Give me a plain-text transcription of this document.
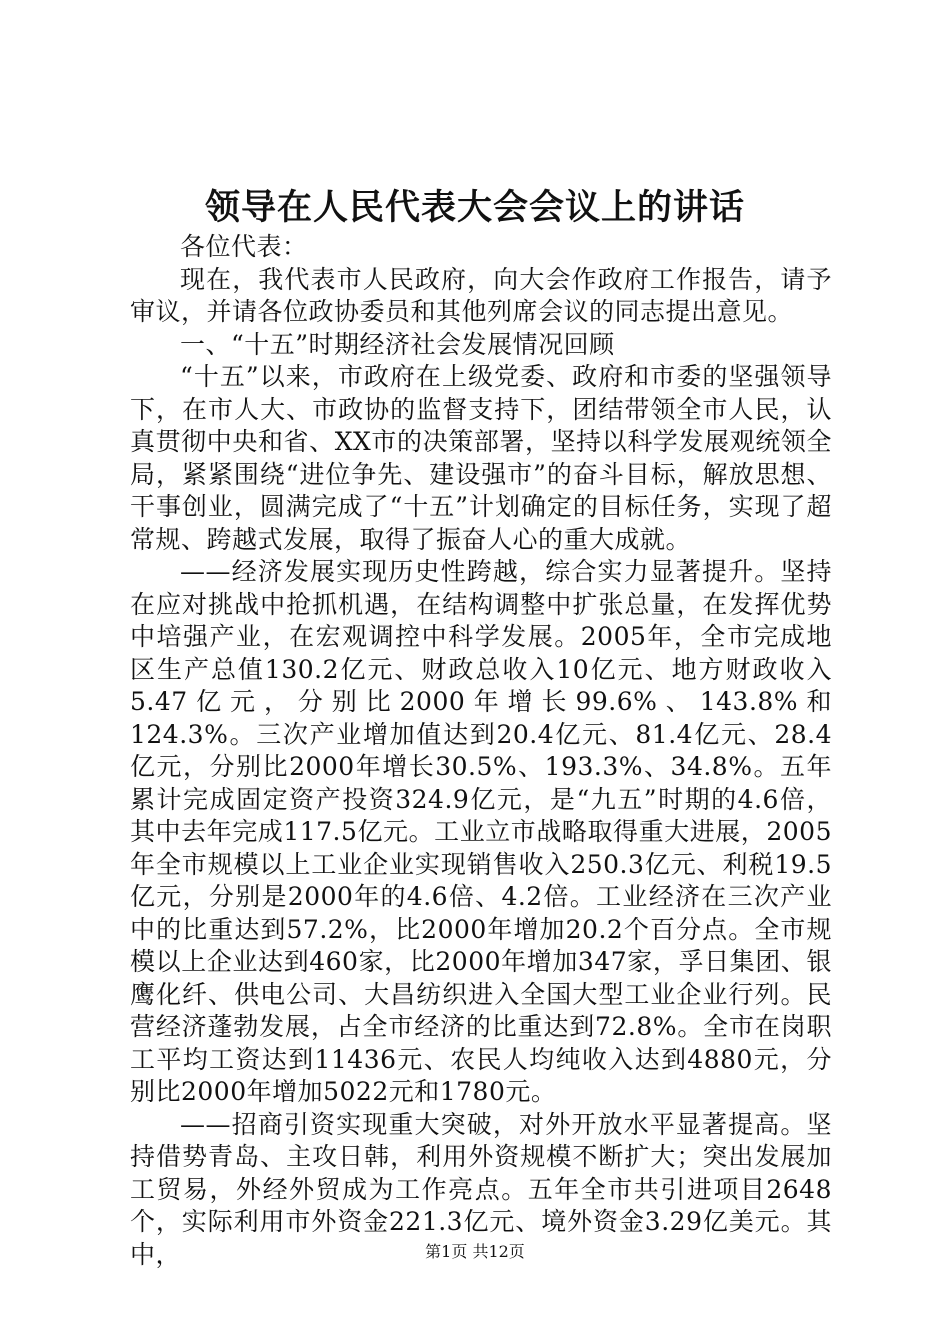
领导在人民代表大会会议上的讲话

各位代表：

现在，我代表市人民政府，向大会作政府工作报告，请予审议，并请各位政协委员和其他列席会议的同志提出意见。

一、“十五”时期经济社会发展情况回顾

“十五”以来，市政府在上级党委、政府和市委的坚强领导下，在市人大、市政协的监督支持下，团结带领全市人民，认真贯彻中央和省、XX市的决策部署，坚持以科学发展观统领全局，紧紧围绕“进位争先、建设强市”的奋斗目标，解放思想、干事创业，圆满完成了“十五”计划确定的目标任务，实现了超常规、跨越式发展，取得了振奋人心的重大成就。

——经济发展实现历史性跨越，综合实力显著提升。坚持在应对挑战中抢抓机遇，在结构调整中扩张总量，在发挥优势中培强产业，在宏观调控中科学发展。2005年，全市完成地区生产总值130.2亿元、财政总收入10亿元、地方财政收入5.47亿元，分别比2000年增长99.6%、143.8%和124.3%。三次产业增加值达到20.4亿元、81.4亿元、28.4亿元，分别比2000年增长30.5%、193.3%、34.8%。五年累计完成固定资产投资324.9亿元，是“九五”时期的4.6倍，其中去年完成117.5亿元。工业立市战略取得重大进展，2005年全市规模以上工业企业实现销售收入250.3亿元、利税19.5亿元，分别是2000年的4.6倍、4.2倍。工业经济在三次产业中的比重达到57.2%，比2000年增加20.2个百分点。全市规模以上企业达到460家，比2000年增加347家，孚日集团、银鹰化纤、供电公司、大昌纺织进入全国大型工业企业行列。民营经济蓬勃发展，占全市经济的比重达到72.8%。全市在岗职工平均工资达到11436元、农民人均纯收入达到4880元，分别比2000年增加5022元和1780元。

——招商引资实现重大突破，对外开放水平显著提高。坚持借势青岛、主攻日韩，利用外资规模不断扩大；突出发展加工贸易，外经外贸成为工作亮点。五年全市共引进项目2648个，实际利用市外资金221.3亿元、境外资金3.29亿美元。其中，	第1页 共12页
